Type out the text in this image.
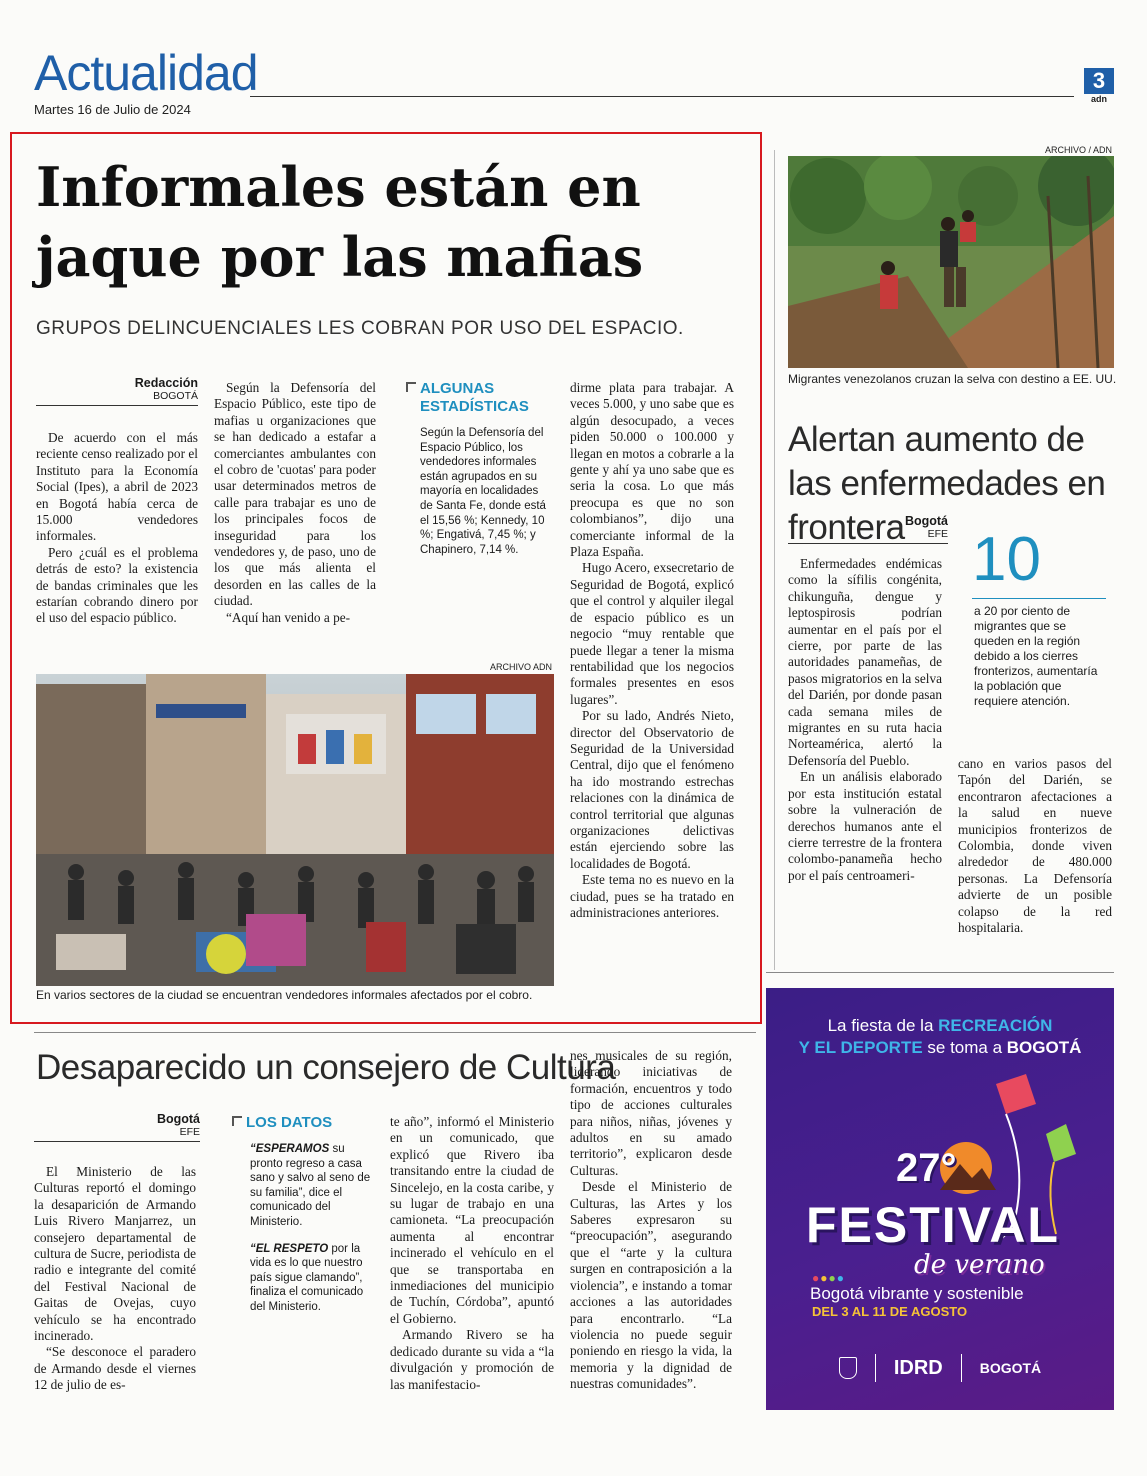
Actualidad
Martes 16 de Julio de 2024
3
adn
Informales están en
jaque por las mafias
GRUPOS DELINCUENCIALES LES COBRAN POR USO DEL ESPACIO.
Redacción
BOGOTÁ

De acuerdo con el más reciente censo realizado por el Instituto para la Economía Social (Ipes), a abril de 2023 en Bogotá había cerca de 15.000 vendedores informales.

Pero ¿cuál es el problema detrás de esto? la existencia de bandas criminales que les estarían cobrando dinero por el uso del espacio público.

Según la Defensoría del Espacio Público, este tipo de mafias u organizaciones que se han dedicado a estafar a comerciantes ambulantes con el cobro de 'cuotas' para poder usar determinados metros de calle para trabajar es uno de los principales focos de inseguridad para los vendedores y, de paso, uno de los que más alienta el desorden en las calles de la ciudad.

“Aquí han venido a pe-

ALGUNAS
ESTADÍSTICAS

Según la Defensoría del Espacio Público, los vendedores informales están agrupados en su mayoría en localidades de Santa Fe, donde está el 15,56 %; Kennedy, 10 %; Engativá, 7,45 %; y Chapinero, 7,14 %.

dirme plata para trabajar. A veces 5.000, y uno sabe que es algún desocupado, a veces piden 50.000 o 100.000 y llegan en motos a cobrarle a la gente y ahí ya uno sabe que es seria la cosa. Lo que más preocupa es que no son colombianos”, dijo una comerciante informal de la Plaza España.

Hugo Acero, exsecretario de Seguridad de Bogotá, explicó que el control y alquiler ilegal de espacio público es un negocio “muy rentable que puede llegar a tener la misma rentabilidad que los negocios formales presentes en esos lugares”.

Por su lado, Andrés Nieto, director del Observatorio de Seguridad de la Universidad Central, dijo que el fenómeno ha ido mostrando estrechas relaciones con la dinámica de control territorial que algunas organizaciones delictivas están ejerciendo sobre las localidades de Bogotá.

Este tema no es nuevo en la ciudad, pues se ha tratado en administraciones anteriores.

ARCHIVO ADN
En varios sectores de la ciudad se encuentran vendedores informales afectados por el cobro.
ARCHIVO / ADN
Migrantes venezolanos cruzan la selva con destino a EE. UU.
Alertan aumento de las enfermedades en frontera Bogotá
EFE 10
a 20 por ciento de migrantes que se queden en la región debido a los cierres fronterizos, aumentaría la población que requiere atención.

Enfermedades endémicas como la sífilis congénita, chikunguña, dengue y leptospirosis podrían aumentar en el país por el cierre, por parte de las autoridades panameñas, de pasos migratorios en la selva del Darién, por donde pasan cada semana miles de migrantes en su ruta hacia Norteamérica, alertó la Defensoría del Pueblo.

En un análisis elaborado por esta institución estatal sobre la vulneración de derechos humanos ante el cierre terrestre de la frontera colombo-panameña hecho por el país centroameri-

cano en varios pasos del Tapón del Darién, se encontraron afectaciones a la salud en nueve municipios fronterizos de Colombia, donde viven alrededor de 480.000 personas. La Defensoría advierte de un posible colapso de la red hospitalaria.

Desaparecido un consejero de Cultura
Bogotá
EFE

El Ministerio de las Culturas reportó el domingo la desaparición de Armando Luis Rivero Manjarrez, un consejero departamental de cultura de Sucre, periodista de radio e integrante del comité del Festival Nacional de Gaitas de Ovejas, cuyo vehículo se ha encontrado incinerado.

“Se desconoce el paradero de Armando desde el viernes 12 de julio de es-

LOS DATOS

“ESPERAMOS su pronto regreso a casa sano y salvo al seno de su familia”, dice el comunicado del Ministerio.

“EL RESPETO por la vida es lo que nuestro país sigue clamando”, finaliza el comunicado del Ministerio.

te año”, informó el Ministerio en un comunicado, que explicó que Rivero iba transitando entre la ciudad de Sincelejo, en la costa caribe, y su lugar de trabajo en una camioneta. “La preocupación aumenta al encontrar incinerado el vehículo en el que se transportaba en inmediaciones del municipio de Tuchín, Córdoba”, apuntó el Gobierno.

Armando Rivero se ha dedicado durante su vida a “la divulgación y promoción de las manifestacio-

nes musicales de su región, liderando iniciativas de formación, encuentros y todo tipo de acciones culturales para niños, niñas, jóvenes y adultos en su amado territorio”, explicaron desde Culturas.

Desde el Ministerio de Culturas, las Artes y los Saberes expresaron su “preocupación”, asegurando que el “arte y la cultura surgen en contraposición a la violencia”, e instando a tomar acciones a las autoridades para encontrarlo. “La violencia no puede seguir poniendo en riesgo la vida, la memoria y la dignidad de nuestras comunidades”.

La fiesta de la RECREACIÓN
Y EL DEPORTE se toma a BOGOTÁ
27°
FESTIVAL
de verano
●●●●
Bogotá vibrante y sostenible
DEL 3 AL 11 DE AGOSTO
IDRD	BOGOTÁ
